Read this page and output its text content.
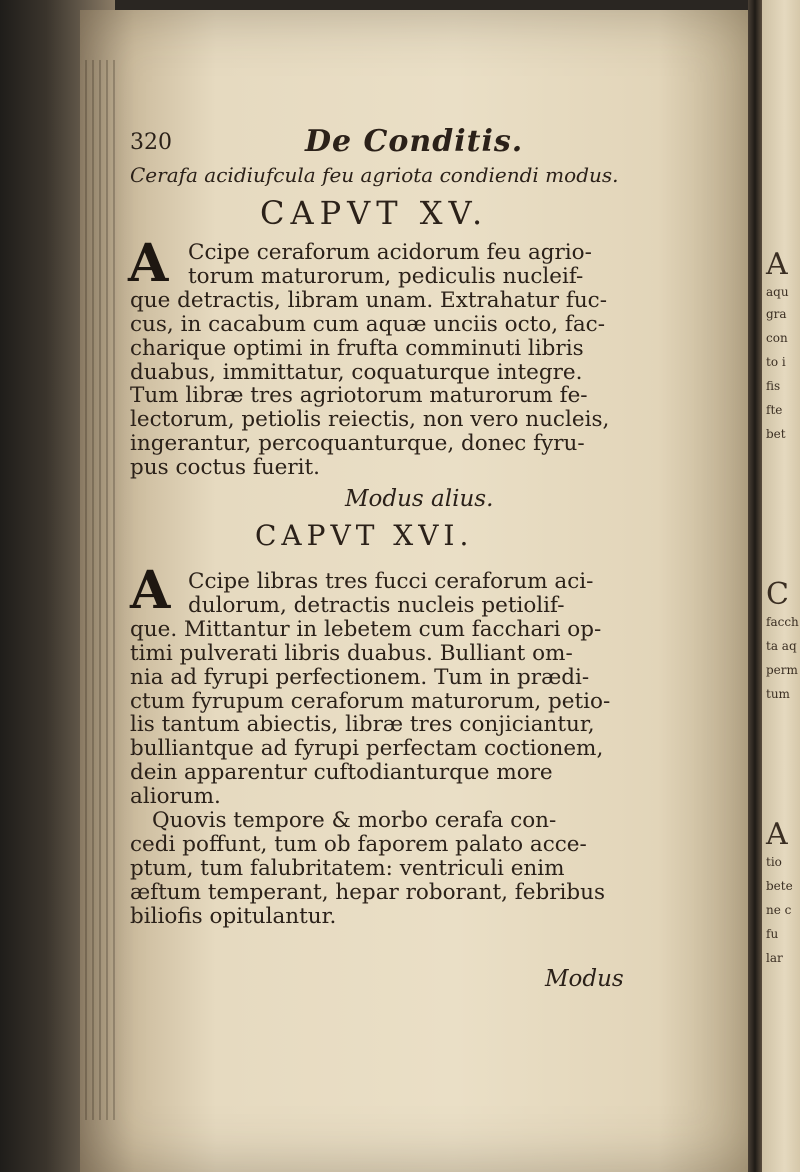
A
aqu
gra
con
to i
fis
fte
bet
C
facch
ta aq
perm
tum
A
tio
bete
ne c
fu
lar
320	De Conditis.
Cerafa acidiufcula feu agriota condiendi modus.
CAPVT XV.
A Ccipe ceraforum acidorum feu agrio-
torum maturorum, pediculis nucleif-
que detractis, libram unam. Extrahatur fuc-
cus, in cacabum cum aquæ unciis octo, fac-
charique optimi in frufta comminuti libris
duabus, immittatur, coquaturque integre.
Tum libræ tres agriotorum maturorum fe-
lectorum, petiolis reiectis, non vero nucleis,
ingerantur, percoquanturque, donec fyru-
pus coctus fuerit.
Modus alius.
CAPVT XVI.
A Ccipe libras tres fucci ceraforum aci-
dulorum, detractis nucleis petiolif-
que. Mittantur in lebetem cum facchari op-
timi pulverati libris duabus. Bulliant om-
nia ad fyrupi perfectionem. Tum in prædi-
ctum fyrupum ceraforum maturorum, petio-
lis tantum abiectis, libræ tres conjiciantur,
bulliantque ad fyrupi perfectam coctionem,
dein apparentur cuftodianturque more
aliorum.
Quovis tempore & morbo cerafa con-
cedi poffunt, tum ob faporem palato acce-
ptum, tum falubritatem: ventriculi enim
æftum temperant, hepar roborant, febribus
biliofis opitulantur.
Modus
